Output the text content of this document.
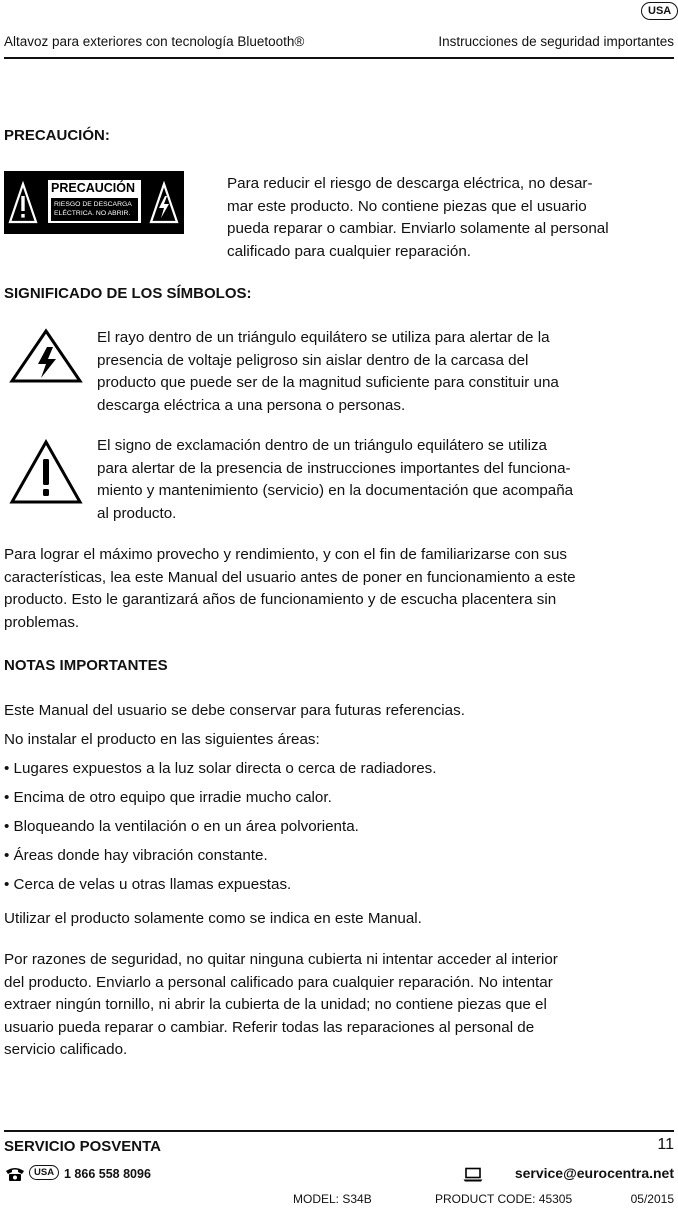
USA
Altavoz para exteriores con tecnología Bluetooth®	Instrucciones de seguridad importantes
PRECAUCIÓN:
PRECAUCIÓN
RIESGO DE DESCARGA
ELÉCTRICA. NO ABRIR.
Para reducir el riesgo de descarga eléctrica, no desar-
mar este producto. No contiene piezas que el usuario
pueda reparar o cambiar. Enviarlo solamente al personal
calificado para cualquier reparación.
SIGNIFICADO DE LOS SÍMBOLOS:
El rayo dentro de un triángulo equilátero se utiliza para alertar de la
presencia de voltaje peligroso sin aislar dentro de la carcasa del
producto que puede ser de la magnitud suficiente para constituir una
descarga eléctrica a una persona o personas.
El signo de exclamación dentro de un triángulo equilátero se utiliza
para alertar de la presencia de instrucciones importantes del funciona-
miento y mantenimiento (servicio) en la documentación que acompaña
al producto.
Para lograr el máximo provecho y rendimiento, y con el fin de familiarizarse con sus
características, lea este Manual del usuario antes de poner en funcionamiento a este
producto. Esto le garantizará años de funcionamiento y de escucha placentera sin
problemas.
NOTAS IMPORTANTES
Este Manual del usuario se debe conservar para futuras referencias.
No instalar el producto en las siguientes áreas:
• Lugares expuestos a la luz solar directa o cerca de radiadores.
• Encima de otro equipo que irradie mucho calor.
• Bloqueando la ventilación o en un área polvorienta.
• Áreas donde hay vibración constante.
• Cerca de velas u otras llamas expuestas.
Utilizar el producto solamente como se indica en este Manual.
Por razones de seguridad, no quitar ninguna cubierta ni intentar acceder al interior
del producto. Enviarlo a personal calificado para cualquier reparación. No intentar
extraer ningún tornillo, ni abrir la cubierta de la unidad; no contiene piezas que el
usuario pueda reparar o cambiar. Referir todas las reparaciones al personal de
servicio calificado.
SERVICIO POSVENTA	11
USA 1 866 558 8096	service@eurocentra.net
MODEL: S34B	PRODUCT CODE: 45305	05/2015
